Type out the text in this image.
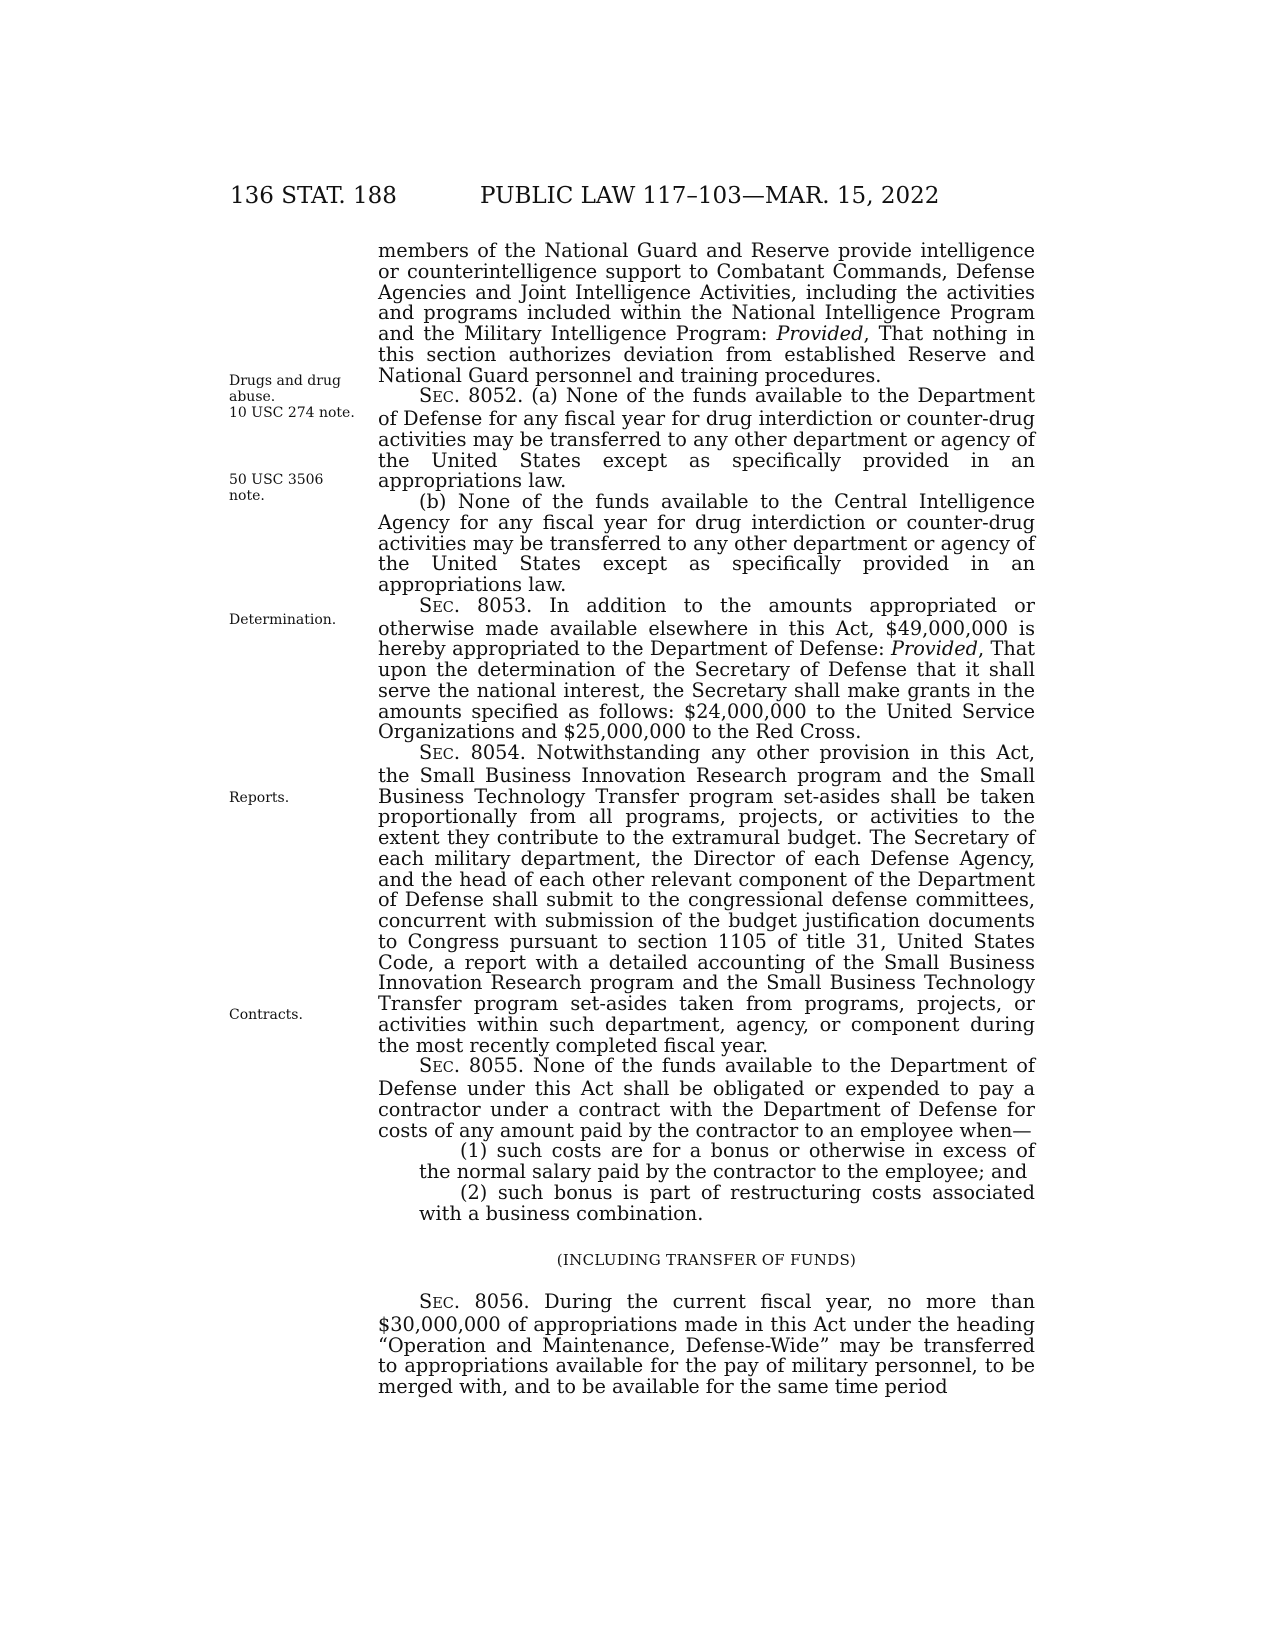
136 STAT. 188	PUBLIC LAW 117–103—MAR. 15, 2022
Drugs and drug
abuse.
10 USC 274 note.
50 USC 3506
note.
Determination.
Reports.
Contracts.

members of the National Guard and Reserve provide intelligence or counterintelligence support to Combatant Commands, Defense Agencies and Joint Intelligence Activities, including the activities and programs included within the National Intelligence Program and the Military Intelligence Program: Provided, That nothing in this section authorizes deviation from established Reserve and National Guard personnel and training procedures.

SEC. 8052. (a) None of the funds available to the Department of Defense for any fiscal year for drug interdiction or counter-drug activities may be transferred to any other department or agency of the United States except as specifically provided in an appropriations law.

(b) None of the funds available to the Central Intelligence Agency for any fiscal year for drug interdiction or counter-drug activities may be transferred to any other department or agency of the United States except as specifically provided in an appropriations law.

SEC. 8053. In addition to the amounts appropriated or otherwise made available elsewhere in this Act, $49,000,000 is hereby appropriated to the Department of Defense: Provided, That upon the determination of the Secretary of Defense that it shall serve the national interest, the Secretary shall make grants in the amounts specified as follows: $24,000,000 to the United Service Organizations and $25,000,000 to the Red Cross.

SEC. 8054. Notwithstanding any other provision in this Act, the Small Business Innovation Research program and the Small Business Technology Transfer program set-asides shall be taken proportionally from all programs, projects, or activities to the extent they contribute to the extramural budget. The Secretary of each military department, the Director of each Defense Agency, and the head of each other relevant component of the Department of Defense shall submit to the congressional defense committees, concurrent with submission of the budget justification documents to Congress pursuant to section 1105 of title 31, United States Code, a report with a detailed accounting of the Small Business Innovation Research program and the Small Business Technology Transfer program set-asides taken from programs, projects, or activities within such department, agency, or component during the most recently completed fiscal year.

SEC. 8055. None of the funds available to the Department of Defense under this Act shall be obligated or expended to pay a contractor under a contract with the Department of Defense for costs of any amount paid by the contractor to an employee when—

(1) such costs are for a bonus or otherwise in excess of the normal salary paid by the contractor to the employee; and

(2) such bonus is part of restructuring costs associated with a business combination.

(INCLUDING TRANSFER OF FUNDS)

SEC. 8056. During the current fiscal year, no more than $30,000,000 of appropriations made in this Act under the heading “Operation and Maintenance, Defense-Wide” may be transferred to appropriations available for the pay of military personnel, to be merged with, and to be available for the same time period
